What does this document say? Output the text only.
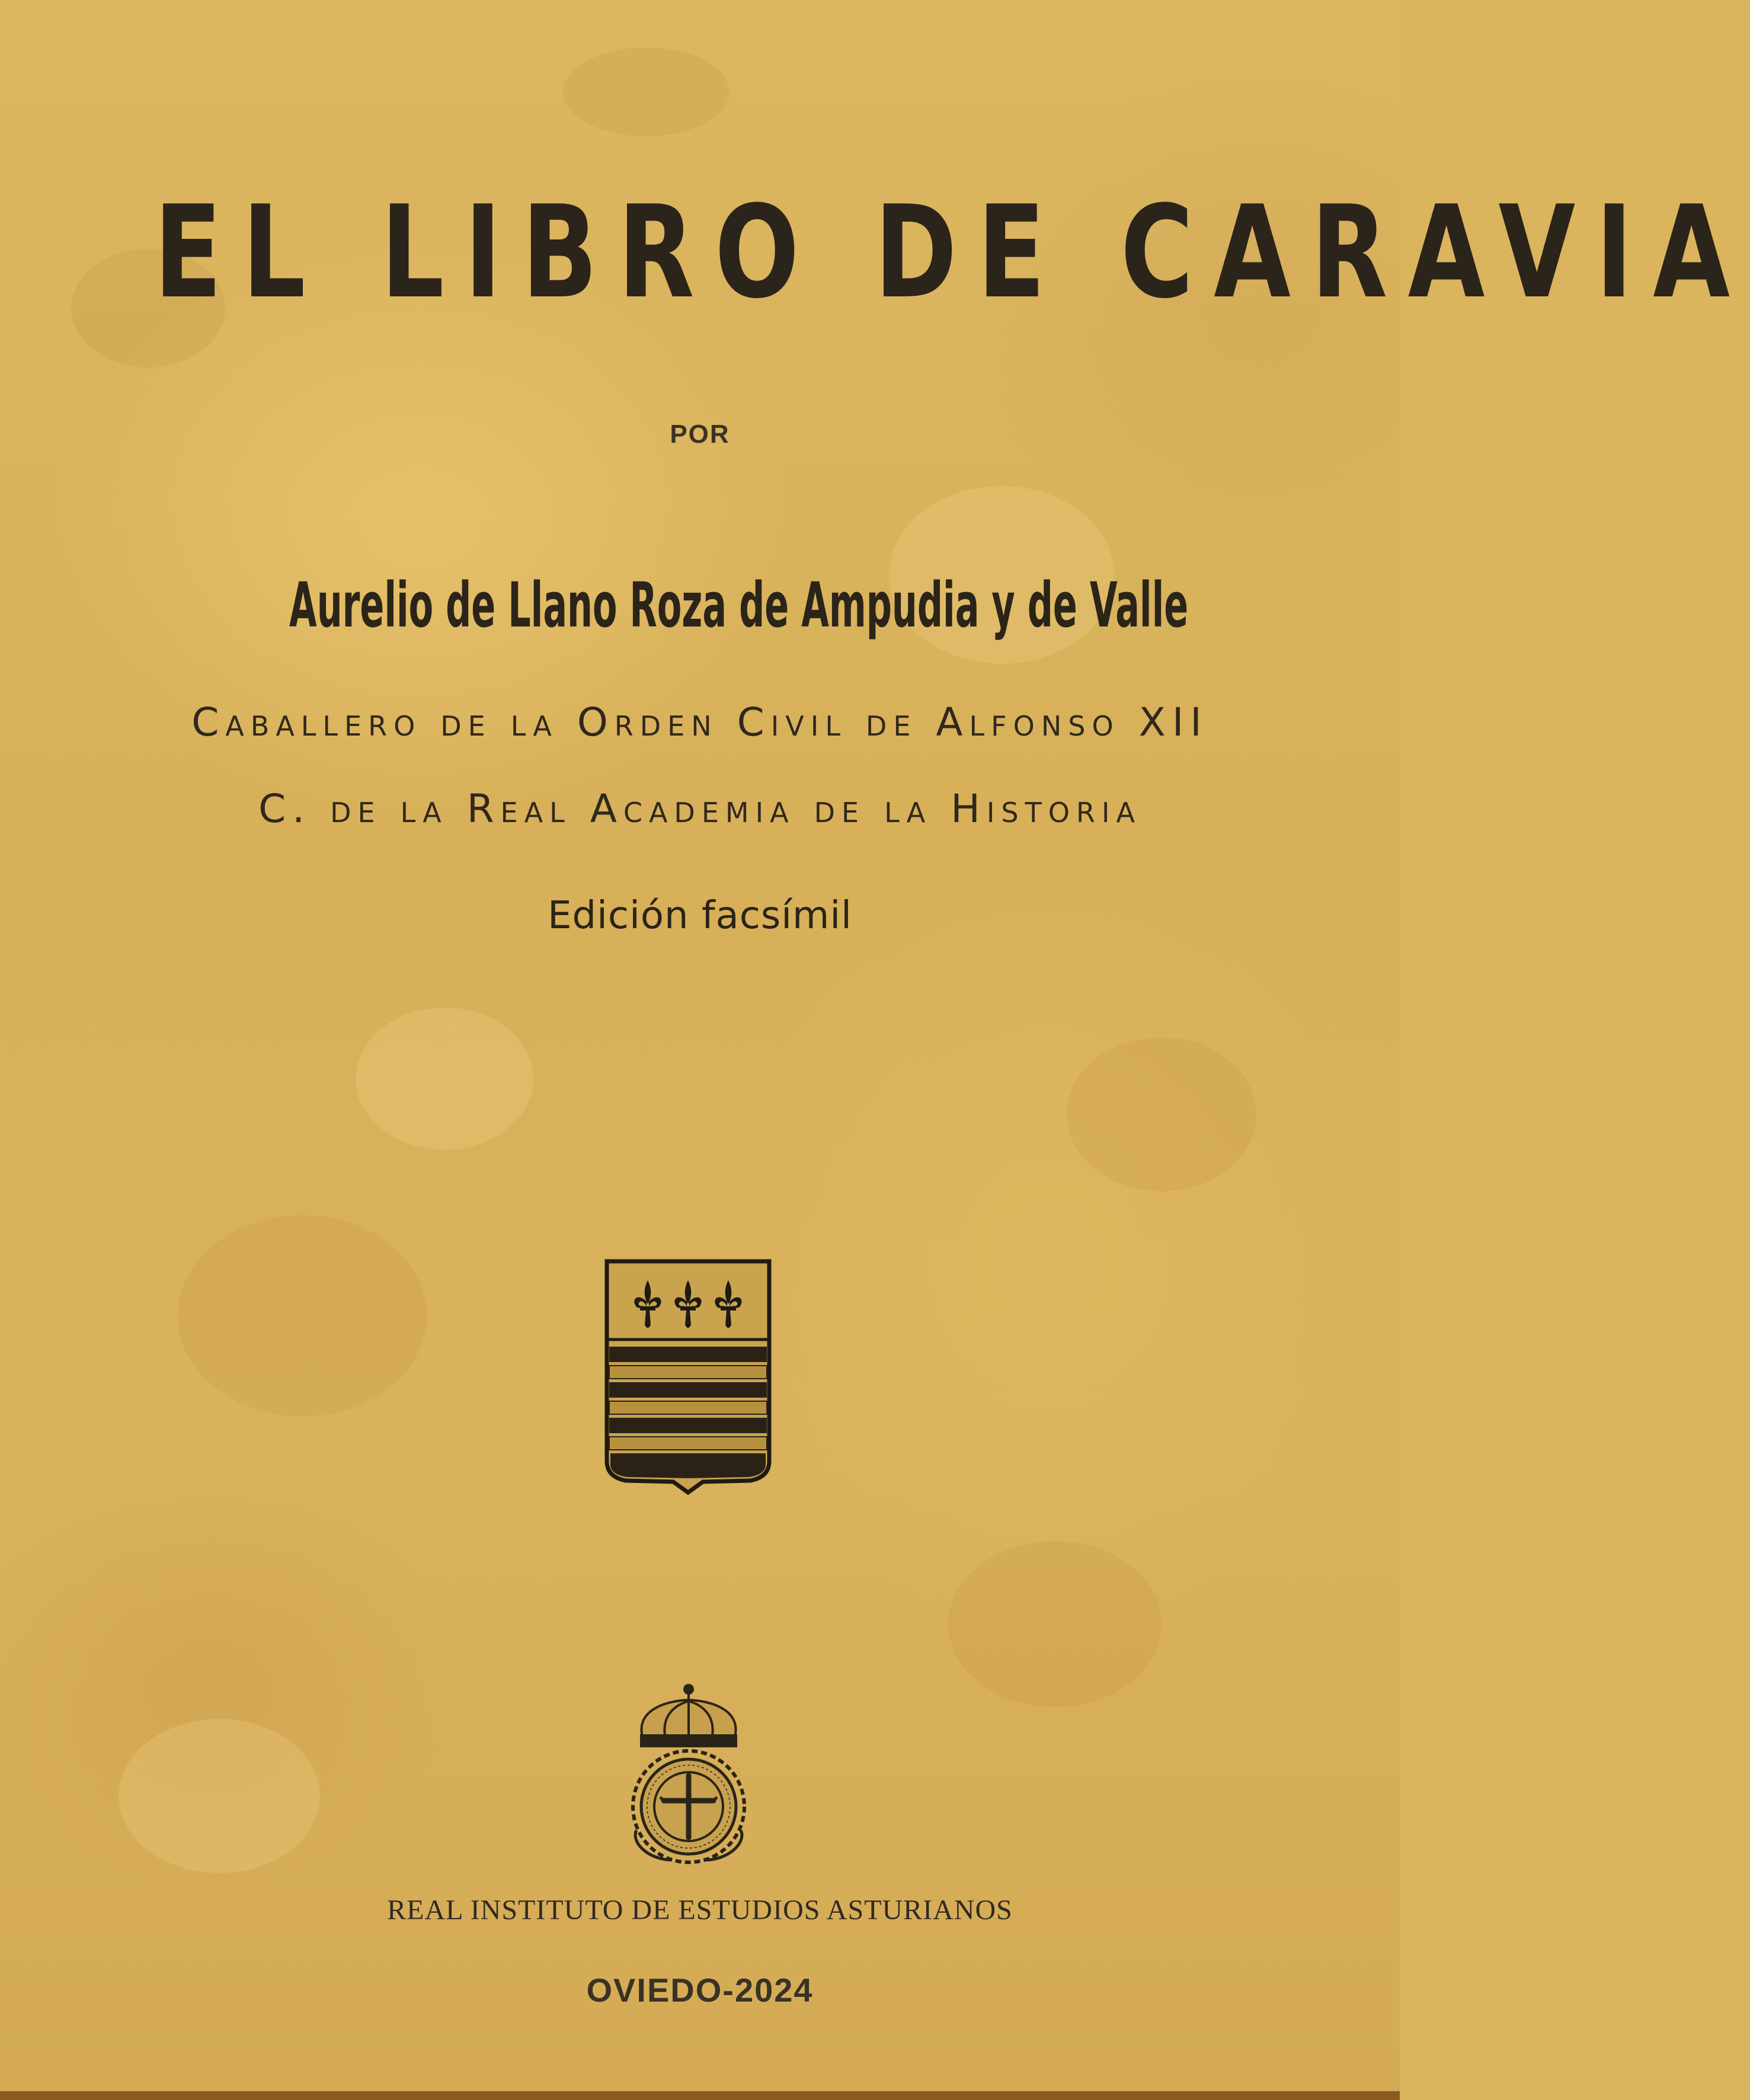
EL LIBRO DE CARAVIA
POR
Aurelio de Llano Roza de Ampudia y de Valle
Caballero de la Orden Civil de Alfonso XII
C. de la Real Academia de la Historia
Edición facsímil
REAL INSTITUTO DE ESTUDIOS ASTURIANOS
OVIEDO-2024
